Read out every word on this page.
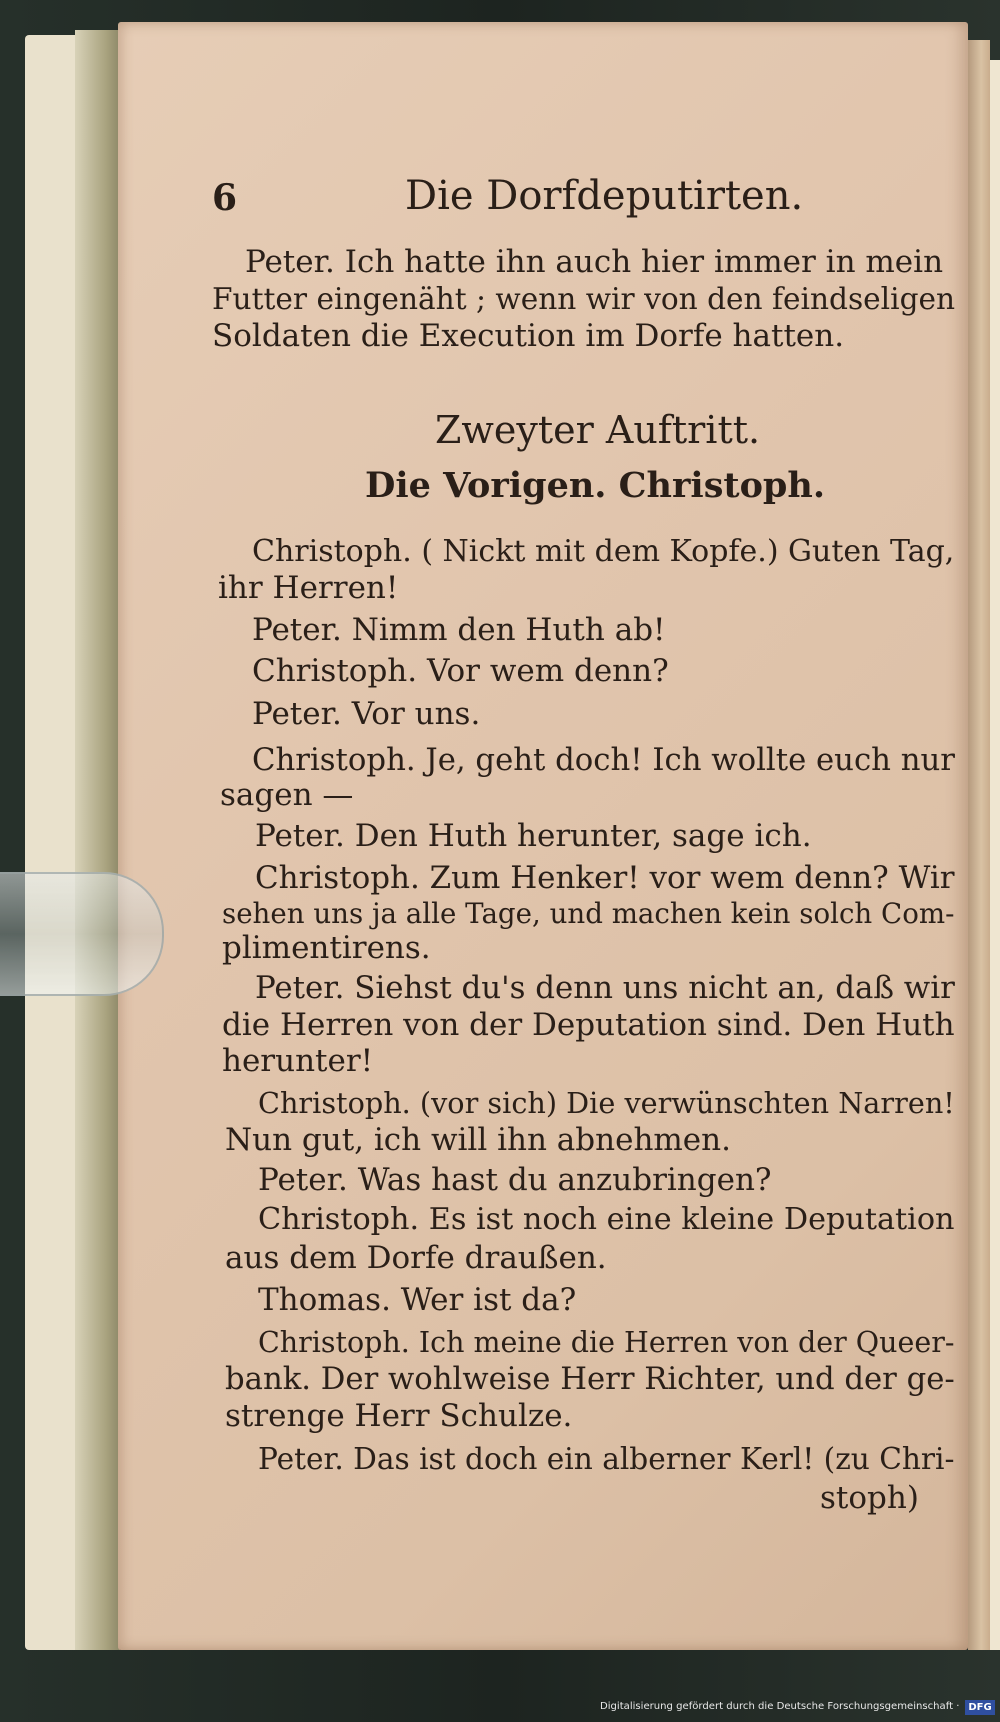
6	Die Dorfdeputirten.
Peter. Ich hatte ihn auch hier immer in mein
Futter eingenäht ; wenn wir von den feindseligen
Soldaten die Execution im Dorfe hatten.
Zweyter Auftritt.
Die Vorigen. Christoph.
Christoph. ( Nickt mit dem Kopfe.) Guten Tag,
ihr Herren!
Peter. Nimm den Huth ab!
Christoph. Vor wem denn?
Peter. Vor uns.
Christoph. Je, geht doch! Ich wollte euch nur
sagen —
Peter. Den Huth herunter, sage ich.
Christoph. Zum Henker! vor wem denn? Wir
sehen uns ja alle Tage, und machen kein solch Com-
plimentirens.
Peter. Siehst du's denn uns nicht an, daß wir
die Herren von der Deputation sind. Den Huth
herunter!
Christoph. (vor sich) Die verwünschten Narren!
Nun gut, ich will ihn abnehmen.
Peter. Was hast du anzubringen?
Christoph. Es ist noch eine kleine Deputation
aus dem Dorfe draußen.
Thomas. Wer ist da?
Christoph. Ich meine die Herren von der Queer-
bank. Der wohlweise Herr Richter, und der ge-
strenge Herr Schulze.
Peter. Das ist doch ein alberner Kerl! (zu Chri-
stoph)
Digitalisierung gefördert durch die Deutsche Forschungsgemeinschaft · DFG
